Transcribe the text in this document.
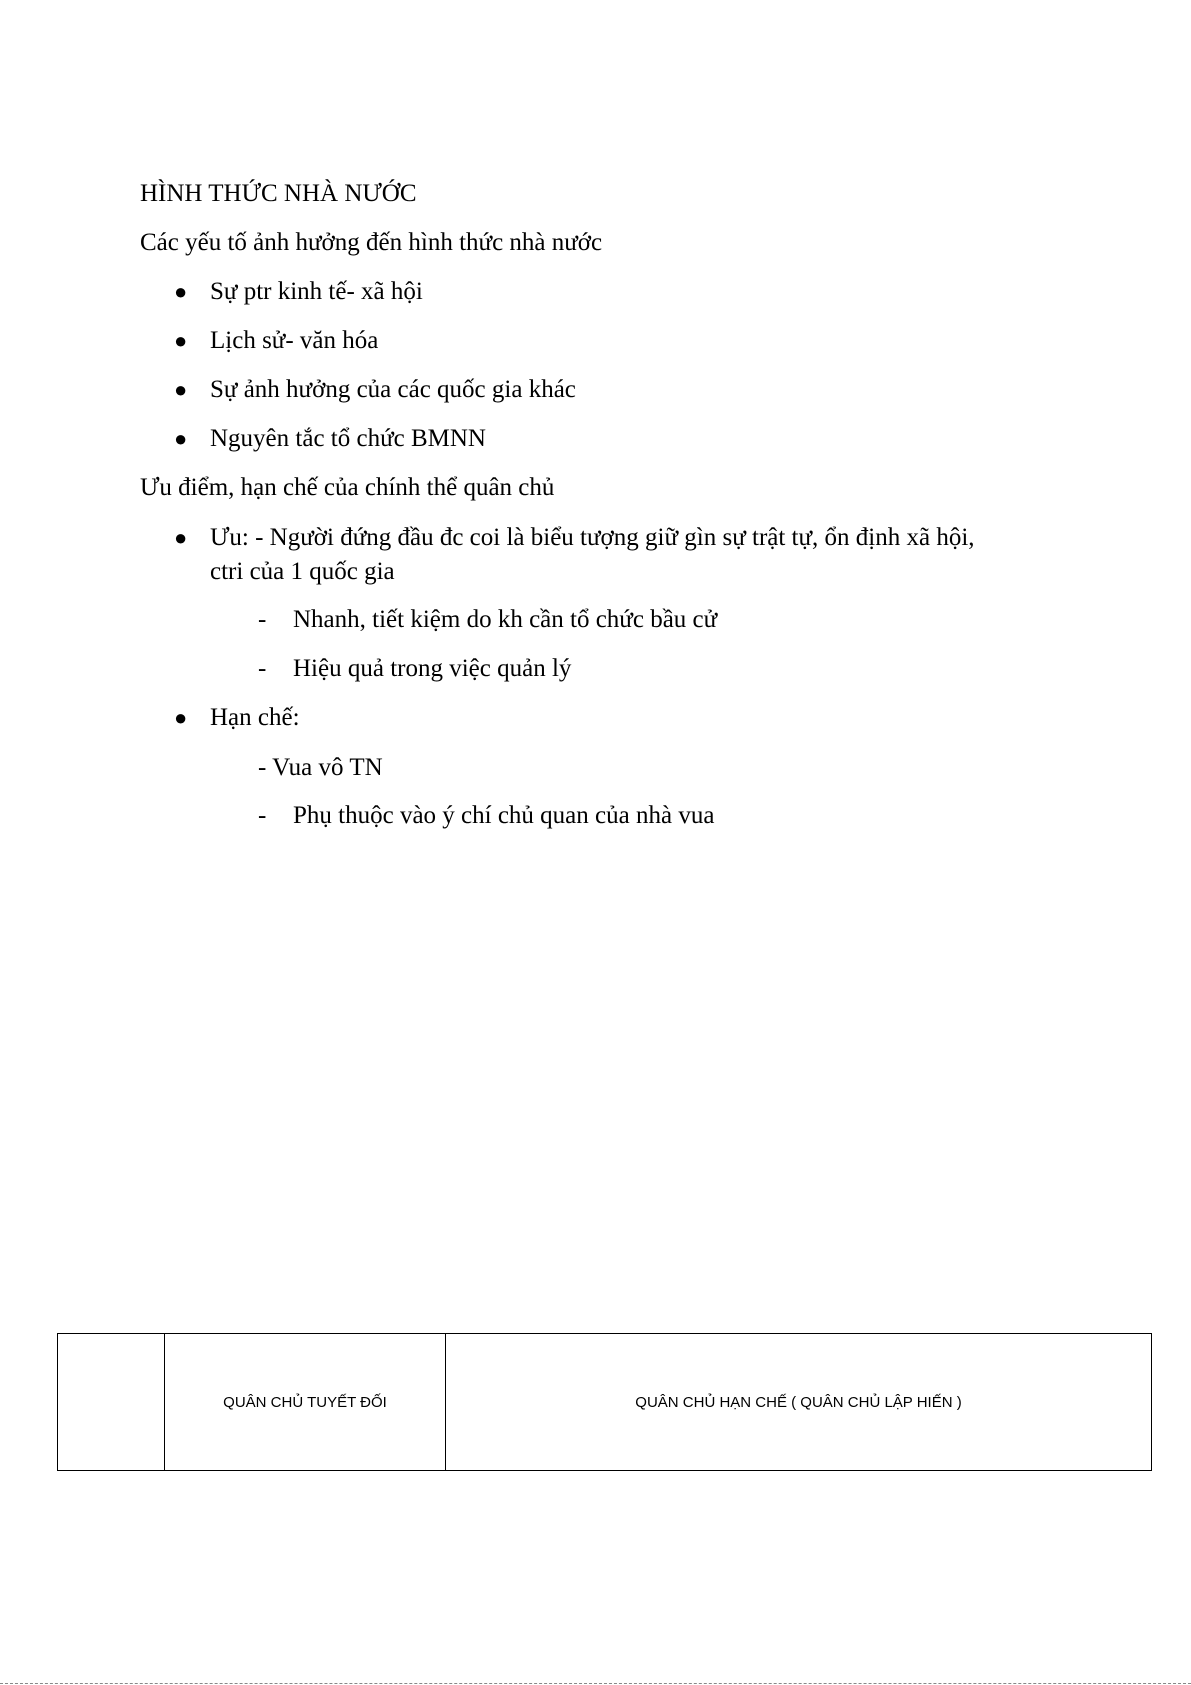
HÌNH THỨC NHÀ NƯỚC
Các yếu tố ảnh hưởng đến hình thức nhà nước
● Sự ptr kinh tế- xã hội
● Lịch sử- văn hóa
● Sự ảnh hưởng của các quốc gia khác
● Nguyên tắc tổ chức BMNN
Ưu điểm, hạn chế của chính thể quân chủ
● Ưu: - Người đứng đầu đc coi là biểu tượng giữ gìn sự trật tự, ổn định xã hội,
ctri của 1 quốc gia
- Nhanh, tiết kiệm do kh cần tổ chức bầu cử
- Hiệu quả trong việc quản lý
● Hạn chế:
- Vua vô TN
- Phụ thuộc vào ý chí chủ quan của nhà vua
	QUÂN CHỦ TUYẾT ĐỐI	QUÂN CHỦ HẠN CHẾ ( QUÂN CHỦ LẬP HIẾN )
